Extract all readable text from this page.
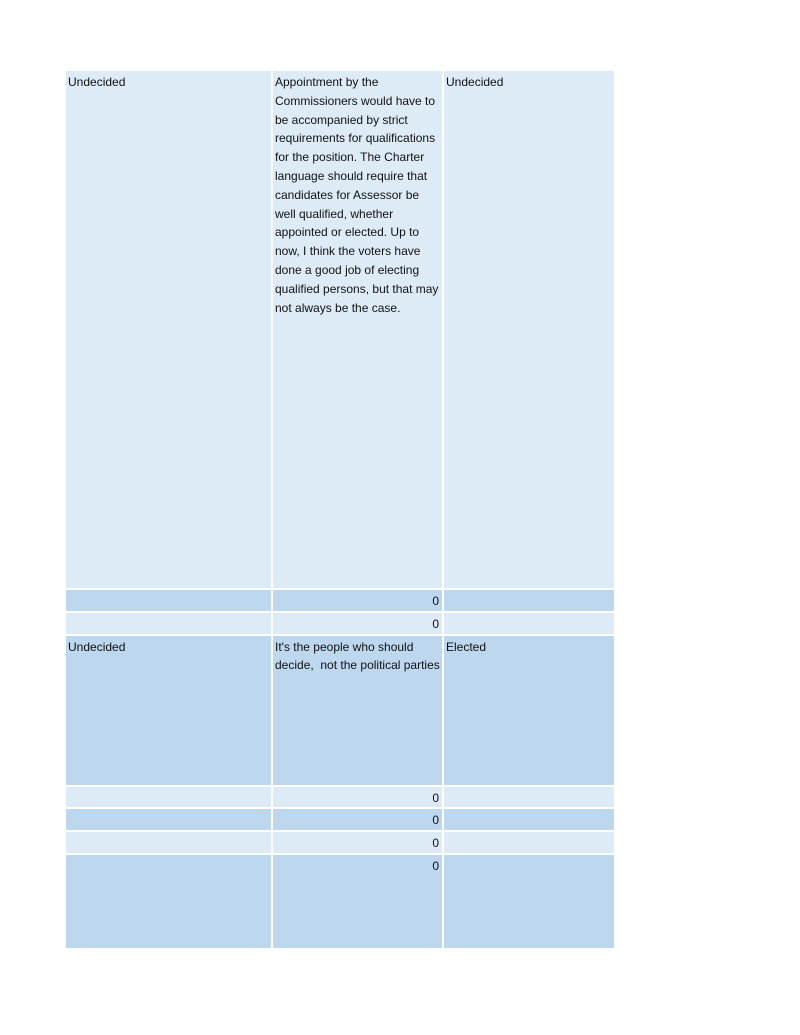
Undecided	Appointment by the Commissioners would have to be accompanied by strict requirements for qualifications for the position. The Charter language should require that candidates for Assessor be well qualified, whether appointed or elected. Up to now, I think the voters have done a good job of electing qualified persons, but that may not always be the case.	Undecided
	0	
	0	
Undecided	It's the people who should decide,  not the political parties	Elected
	0	
	0	
	0	
	0	
